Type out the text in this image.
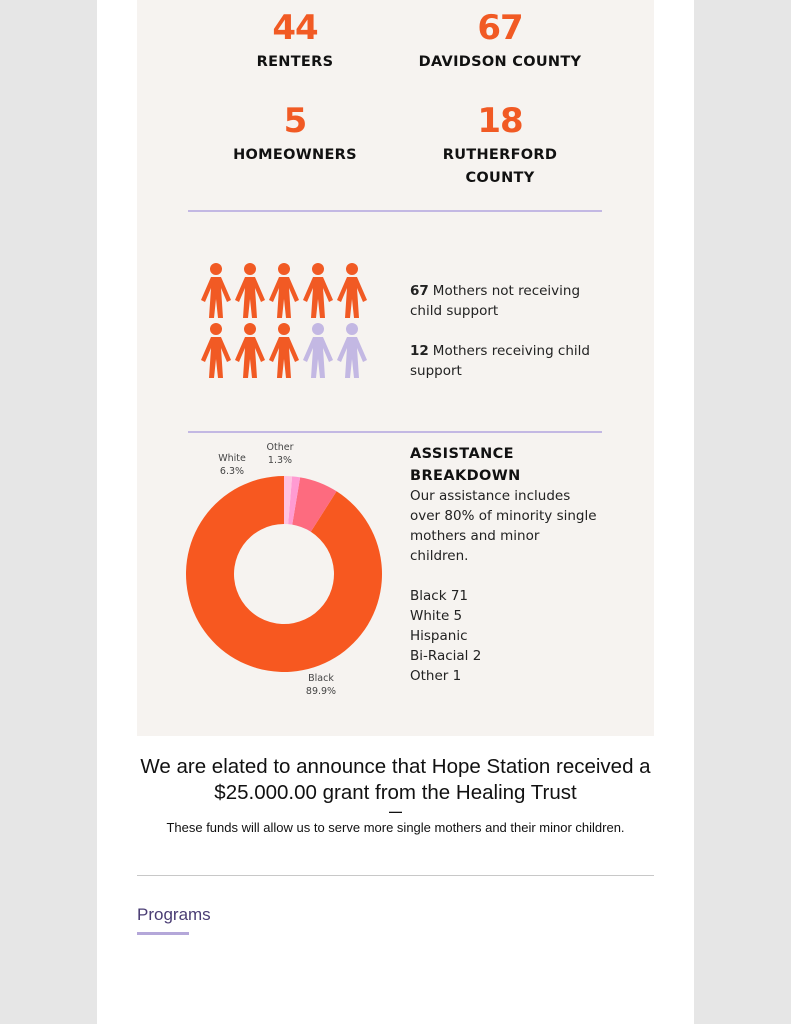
44
RENTERS
67
DAVIDSON COUNTY
5
HOMEOWNERS
18
RUTHERFORD COUNTY
67 Mothers not receiving child support
12 Mothers receiving child support
Black
89.9%
White
6.3%
Other
1.3%	ASSISTANCE BREAKDOWN
Our assistance includes over 80% of minority single mothers and minor children.
Black 71
White 5
Hispanic
Bi-Racial 2
Other 1
We are elated to announce that Hope Station received a $25.000.00 grant from the Healing Trust
—
These funds will allow us to serve more single mothers and their minor children.
Programs
